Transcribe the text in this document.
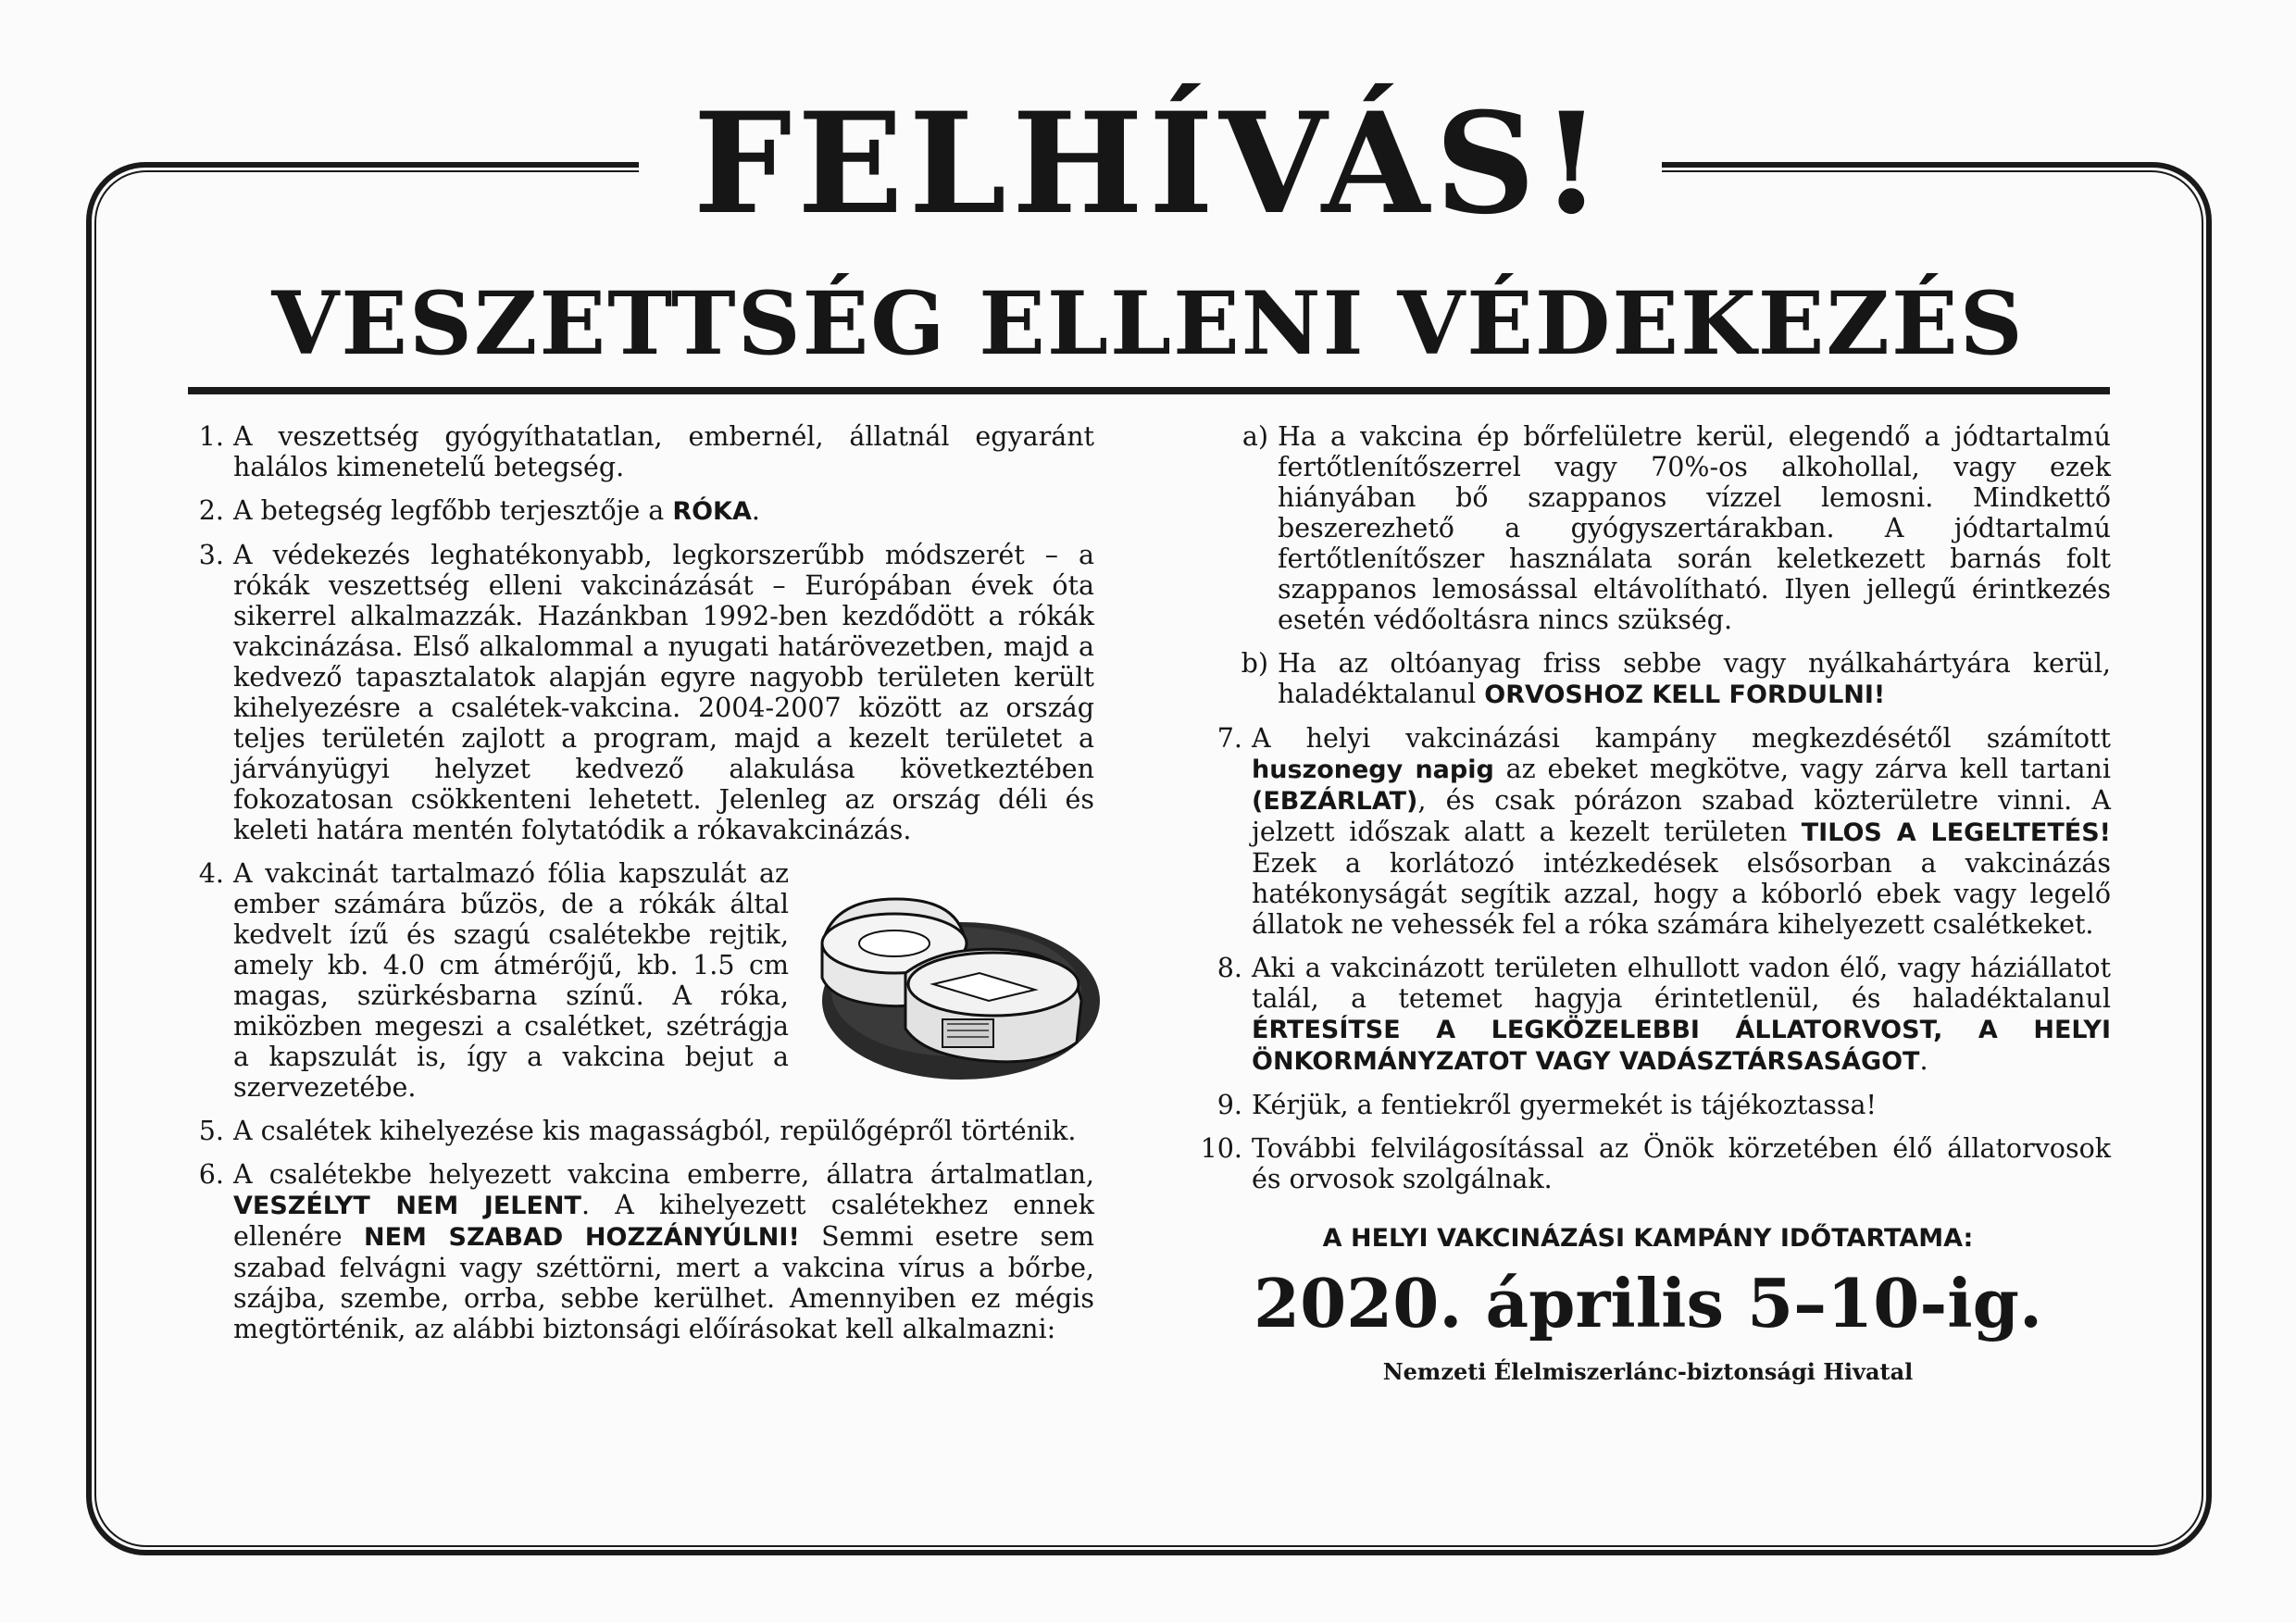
FELHÍVÁS!
VESZETTSÉG ELLENI VÉDEKEZÉS
1. A veszettség gyógyíthatatlan, embernél, állatnál egyaránt halálos kimenetelű betegség.
2. A betegség legfőbb terjesztője a RÓKA.
3. A védekezés leghatékonyabb, legkorszerűbb módszerét – a rókák veszettség elleni vakcinázását – Európában évek óta sikerrel alkalmazzák. Hazánkban 1992-ben kezdődött a rókák vakcinázása. Első alkalommal a nyugati határövezetben, majd a kedvező tapasztalatok alapján egyre nagyobb területen került kihelyezésre a csalétek-vakcina. 2004-2007 között az ország teljes területén zajlott a program, majd a kezelt területet a járványügyi helyzet kedvező alakulása következtében fokozatosan csökkenteni lehetett. Jelenleg az ország déli és keleti határa mentén folytatódik a rókavakcinázás.
4. A vakcinát tartalmazó fólia kapszulát az ember számára bűzös, de a rókák által kedvelt ízű és szagú csalétekbe rejtik, amely kb. 4.0 cm átmérőjű, kb. 1.5 cm magas, szürkésbarna színű. A róka, miközben megeszi a csalétket, szétrágja a kapszulát is, így a vakcina bejut a szervezetébe.
5. A csalétek kihelyezése kis magasságból, repülőgépről történik.
6. A csalétekbe helyezett vakcina emberre, állatra ártalmatlan, VESZÉLYT NEM JELENT. A kihelyezett csalétekhez ennek ellenére NEM SZABAD HOZZÁNYÚLNI! Semmi esetre sem szabad felvágni vagy széttörni, mert a vakcina vírus a bőrbe, szájba, szembe, orrba, sebbe kerülhet. Amennyiben ez mégis megtörténik, az alábbi biztonsági előírásokat kell alkalmazni:
a) Ha a vakcina ép bőrfelületre kerül, elegendő a jódtartalmú fertőtlenítőszerrel vagy 70%-os alkohollal, vagy ezek hiányában bő szappanos vízzel lemosni. Mindkettő beszerezhető a gyógyszertárakban. A jódtartalmú fertőtlenítőszer használata során keletkezett barnás folt szappanos lemosással eltávolítható. Ilyen jellegű érintkezés esetén védőoltásra nincs szükség.
b) Ha az oltóanyag friss sebbe vagy nyálkahártyára kerül, haladéktalanul ORVOSHOZ KELL FORDULNI!
7. A helyi vakcinázási kampány megkezdésétől számított huszonegy napig az ebeket megkötve, vagy zárva kell tartani (EBZÁRLAT), és csak pórázon szabad közterületre vinni. A jelzett időszak alatt a kezelt területen TILOS A LEGELTETÉS! Ezek a korlátozó intézkedések elsősorban a vakcinázás hatékonyságát segítik azzal, hogy a kóborló ebek vagy legelő állatok ne vehessék fel a róka számára kihelyezett csalétkeket.
8. Aki a vakcinázott területen elhullott vadon élő, vagy háziállatot talál, a tetemet hagyja érintetlenül, és haladéktalanul ÉRTESÍTSE A LEGKÖZELEBBI ÁLLATORVOST, A HELYI ÖNKORMÁNYZATOT VAGY VADÁSZTÁRSASÁGOT.
9. Kérjük, a fentiekről gyermekét is tájékoztassa!
10. További felvilágosítással az Önök körzetében élő állatorvosok és orvosok szolgálnak.
A HELYI VAKCINÁZÁSI KAMPÁNY IDŐTARTAMA:
2020. április 5–10-ig.
Nemzeti Élelmiszerlánc-biztonsági Hivatal
